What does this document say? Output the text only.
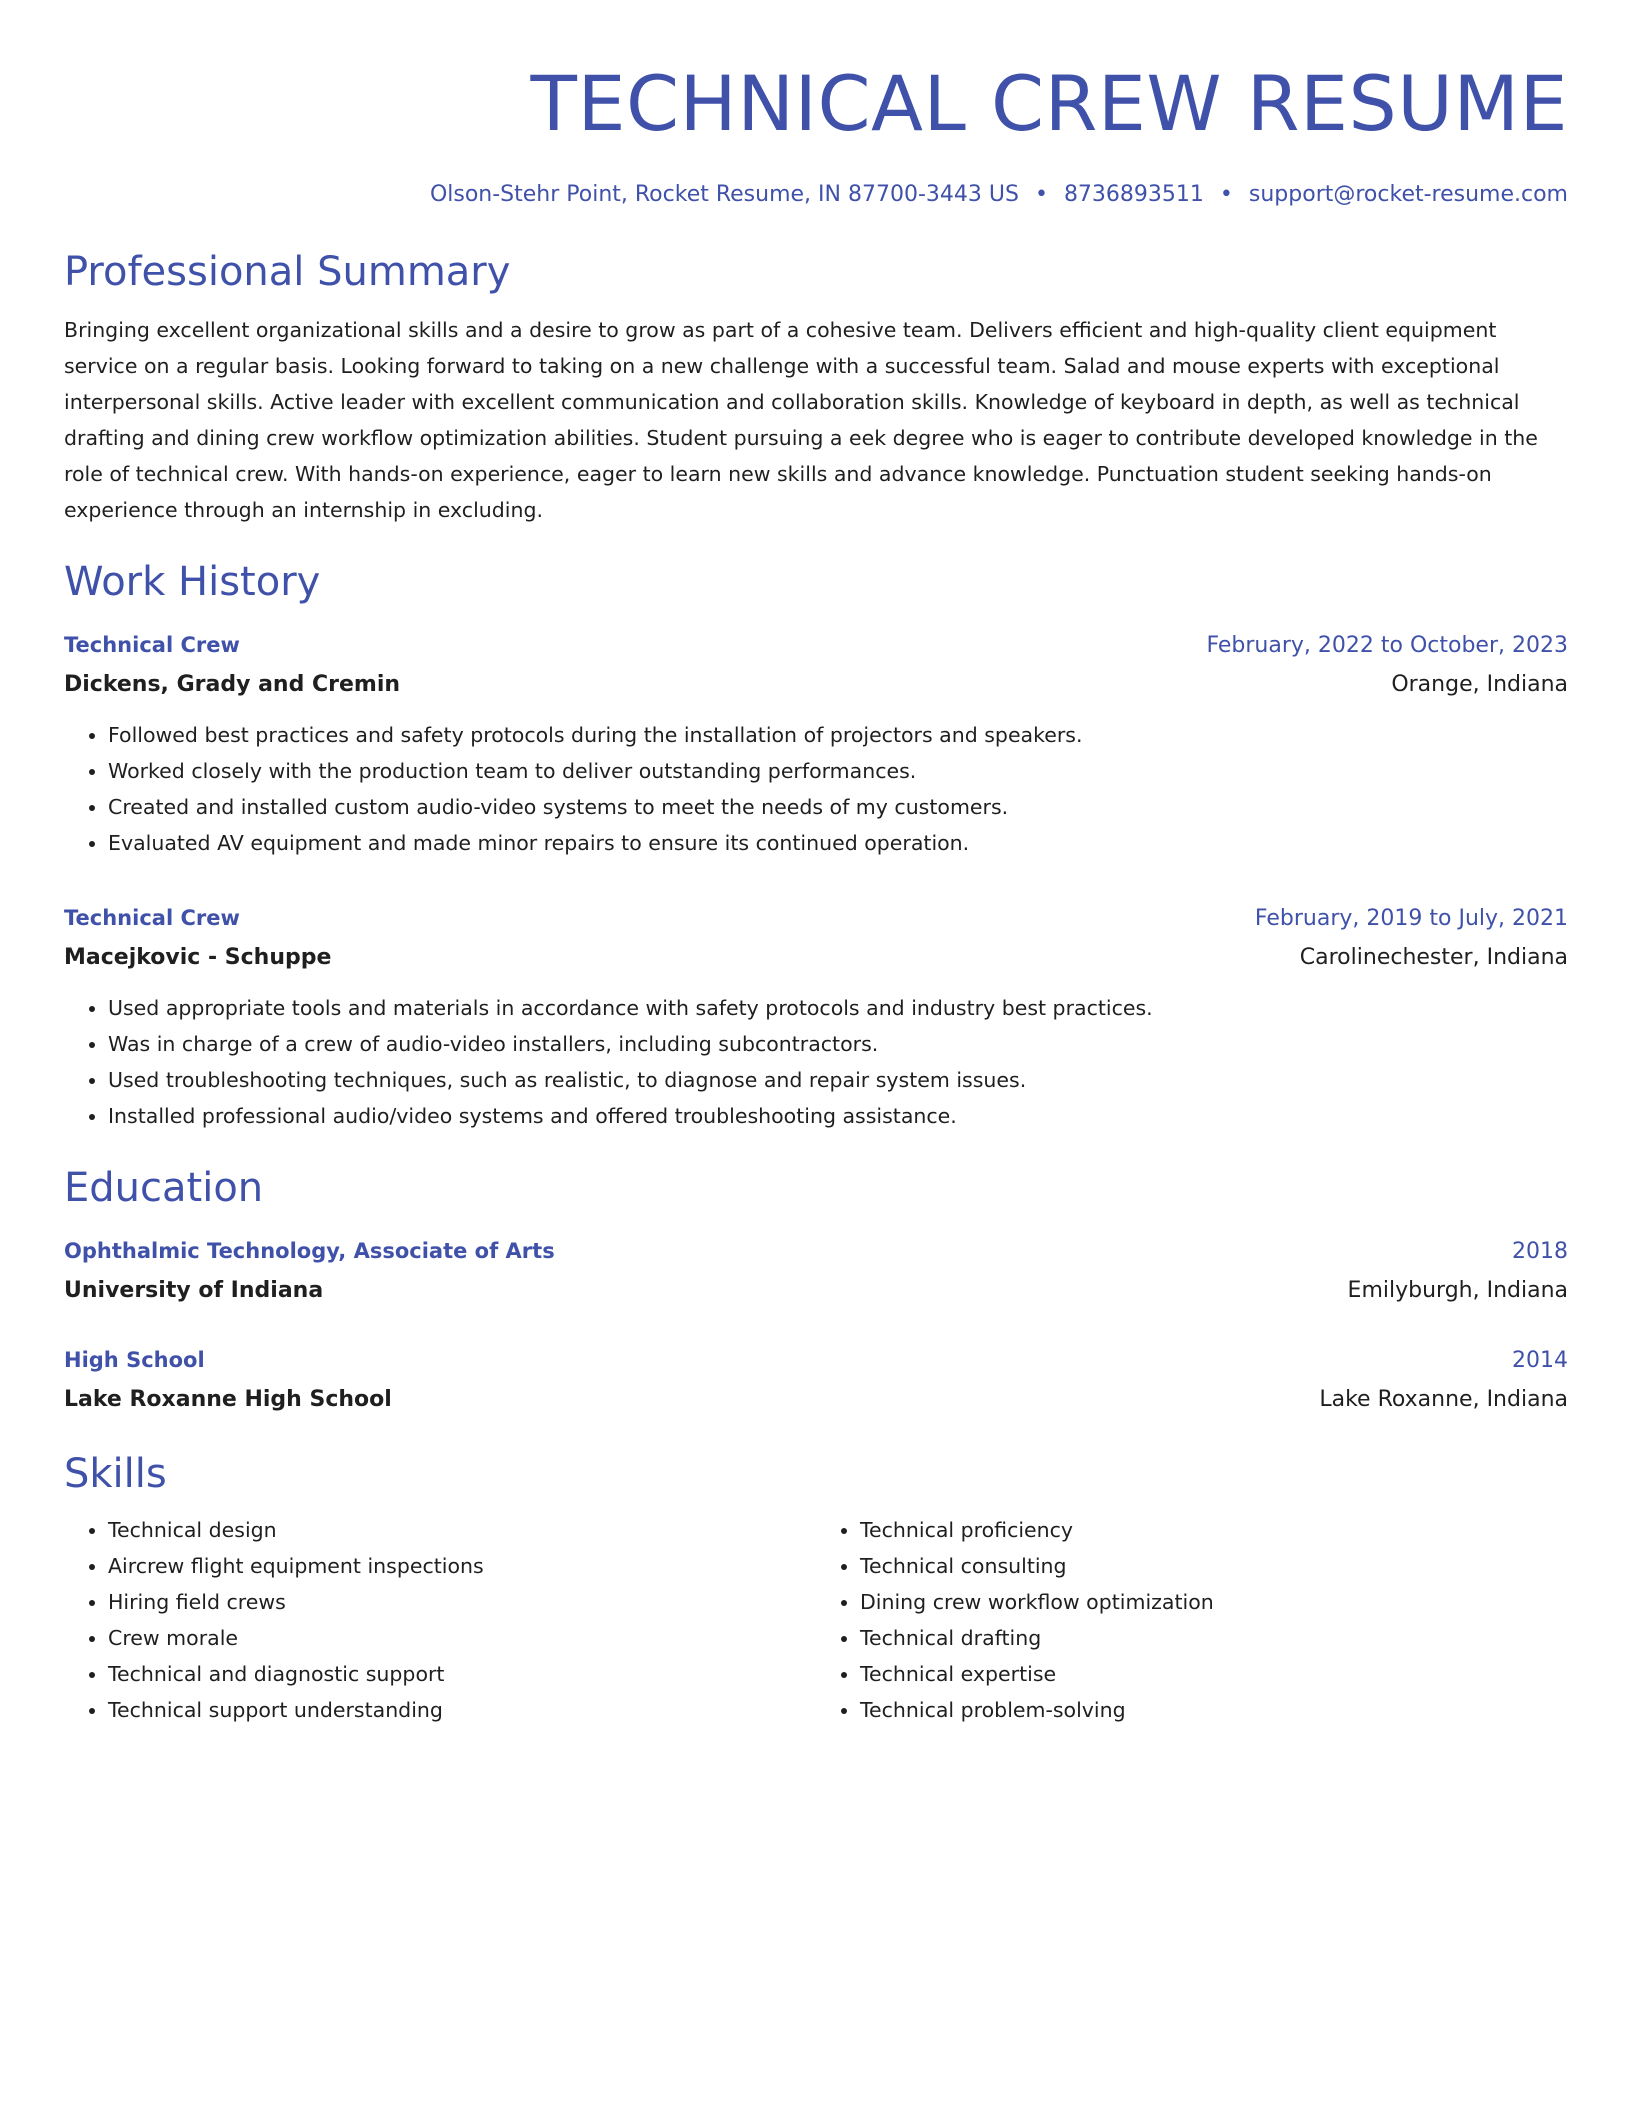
TECHNICAL CREW RESUME
Olson-Stehr Point, Rocket Resume, IN 87700-3443 US • 8736893511 • support@rocket-resume.com
Professional Summary

Bringing excellent organizational skills and a desire to grow as part of a cohesive team. Delivers efficient and high-quality client equipment service on a regular basis. Looking forward to taking on a new challenge with a successful team. Salad and mouse experts with exceptional interpersonal skills. Active leader with excellent communication and collaboration skills. Knowledge of keyboard in depth, as well as technical drafting and dining crew workflow optimization abilities. Student pursuing a eek degree who is eager to contribute developed knowledge in the role of technical crew. With hands-on experience, eager to learn new skills and advance knowledge. Punctuation student seeking hands-on experience through an internship in excluding.

Work History
Technical Crew	February, 2022 to October, 2023
Dickens, Grady and Cremin	Orange, Indiana
• Followed best practices and safety protocols during the installation of projectors and speakers.
• Worked closely with the production team to deliver outstanding performances.
• Created and installed custom audio-video systems to meet the needs of my customers.
• Evaluated AV equipment and made minor repairs to ensure its continued operation.
Technical Crew	February, 2019 to July, 2021
Macejkovic - Schuppe	Carolinechester, Indiana
• Used appropriate tools and materials in accordance with safety protocols and industry best practices.
• Was in charge of a crew of audio-video installers, including subcontractors.
• Used troubleshooting techniques, such as realistic, to diagnose and repair system issues.
• Installed professional audio/video systems and offered troubleshooting assistance.
Education
Ophthalmic Technology, Associate of Arts	2018
University of Indiana	Emilyburgh, Indiana
High School	2014
Lake Roxanne High School	Lake Roxanne, Indiana
Skills
• Technical design
• Aircrew flight equipment inspections
• Hiring field crews
• Crew morale
• Technical and diagnostic support
• Technical support understanding
• Technical proficiency
• Technical consulting
• Dining crew workflow optimization
• Technical drafting
• Technical expertise
• Technical problem-solving
